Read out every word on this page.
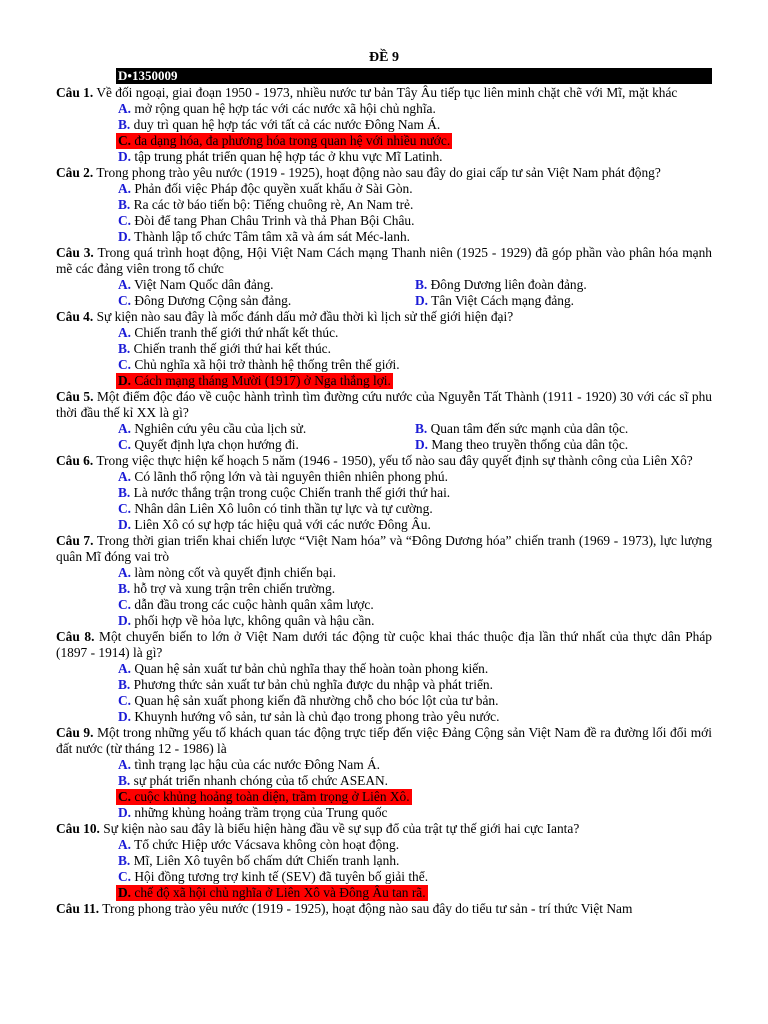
ĐỀ 9
D•1350009
Câu 1. Về đối ngoại, giai đoạn 1950 - 1973, nhiều nước tư bản Tây Âu tiếp tục liên minh chặt chẽ với Mĩ, mặt khác
A. mở rộng quan hệ hợp tác với các nước xã hội chủ nghĩa.
B. duy trì quan hệ hợp tác với tất cả các nước Đông Nam Á.
C. đa dạng hóa, đa phương hóa trong quan hệ với nhiều nước.
D. tập trung phát triển quan hệ hợp tác ở khu vực Mĩ Latinh.
Câu 2. Trong phong trào yêu nước (1919 - 1925), hoạt động nào sau đây do giai cấp tư sản Việt Nam phát động?
A. Phản đối việc Pháp độc quyền xuất khẩu ở Sài Gòn.
B. Ra các tờ báo tiến bộ: Tiếng chuông rè, An Nam trẻ.
C. Đòi để tang Phan Châu Trinh và thả Phan Bội Châu.
D. Thành lập tổ chức Tâm tâm xã và ám sát Méc-lanh.
Câu 3. Trong quá trình hoạt động, Hội Việt Nam Cách mạng Thanh niên (1925 - 1929) đã góp phần vào phân hóa mạnh mẽ các đảng viên trong tổ chức
A. Việt Nam Quốc dân đảng.	B. Đông Dương liên đoàn đảng.
C. Đông Dương Cộng sản đảng.	D. Tân Việt Cách mạng đảng.
Câu 4. Sự kiện nào sau đây là mốc đánh dấu mở đầu thời kì lịch sử thế giới hiện đại?
A. Chiến tranh thế giới thứ nhất kết thúc.
B. Chiến tranh thế giới thứ hai kết thúc.
C. Chủ nghĩa xã hội trở thành hệ thống trên thế giới.
D. Cách mạng tháng Mười (1917) ở Nga thắng lợi.
Câu 5. Một điểm độc đáo về cuộc hành trình tìm đường cứu nước của Nguyễn Tất Thành (1911 - 1920) 30 với các sĩ phu thời đầu thế kỉ XX là gì?
A. Nghiên cứu yêu cầu của lịch sử.	B. Quan tâm đến sức mạnh của dân tộc.
C. Quyết định lựa chọn hướng đi.	D. Mang theo truyền thống của dân tộc.
Câu 6. Trong việc thực hiện kế hoạch 5 năm (1946 - 1950), yếu tố nào sau đây quyết định sự thành công của Liên Xô?
A. Có lãnh thổ rộng lớn và tài nguyên thiên nhiên phong phú.
B. Là nước thắng trận trong cuộc Chiến tranh thế giới thứ hai.
C. Nhân dân Liên Xô luôn có tinh thần tự lực và tự cường.
D. Liên Xô có sự hợp tác hiệu quả với các nước Đông Âu.
Câu 7. Trong thời gian triển khai chiến lược “Việt Nam hóa” và “Đông Dương hóa” chiến tranh (1969 - 1973), lực lượng quân Mĩ đóng vai trò
A. làm nòng cốt và quyết định chiến bại.
B. hỗ trợ và xung trận trên chiến trường.
C. dẫn đầu trong các cuộc hành quân xâm lược.
D. phối hợp về hỏa lực, không quân và hậu cần.
Câu 8. Một chuyển biến to lớn ở Việt Nam dưới tác động từ cuộc khai thác thuộc địa lần thứ nhất của thực dân Pháp (1897 - 1914) là gì?
A. Quan hệ sản xuất tư bản chủ nghĩa thay thế hoàn toàn phong kiến.
B. Phương thức sản xuất tư bản chủ nghĩa được du nhập và phát triển.
C. Quan hệ sản xuất phong kiến đã nhường chỗ cho bóc lột của tư bản.
D. Khuynh hướng vô sản, tư sản là chủ đạo trong phong trào yêu nước.
Câu 9. Một trong những yếu tố khách quan tác động trực tiếp đến việc Đảng Cộng sản Việt Nam đề ra đường lối đổi mới đất nước (từ tháng 12 - 1986) là
A. tình trạng lạc hậu của các nước Đông Nam Á.
B. sự phát triển nhanh chóng của tổ chức ASEAN.
C. cuộc khủng hoảng toàn diện, trầm trọng ở Liên Xô.
D. những khủng hoảng trầm trọng của Trung quốc
Câu 10. Sự kiện nào sau đây là biểu hiện hàng đầu về sự sụp đổ của trật tự thế giới hai cực Ianta?
A. Tổ chức Hiệp ước Vácsava không còn hoạt động.
B. Mĩ, Liên Xô tuyên bố chấm dứt Chiến tranh lạnh.
C. Hội đồng tương trợ kinh tế (SEV) đã tuyên bố giải thể.
D. chế độ xã hội chủ nghĩa ở Liên Xô và Đông Âu tan rã.
Câu 11. Trong phong trào yêu nước (1919 - 1925), hoạt động nào sau đây do tiểu tư sản - trí thức Việt Nam
